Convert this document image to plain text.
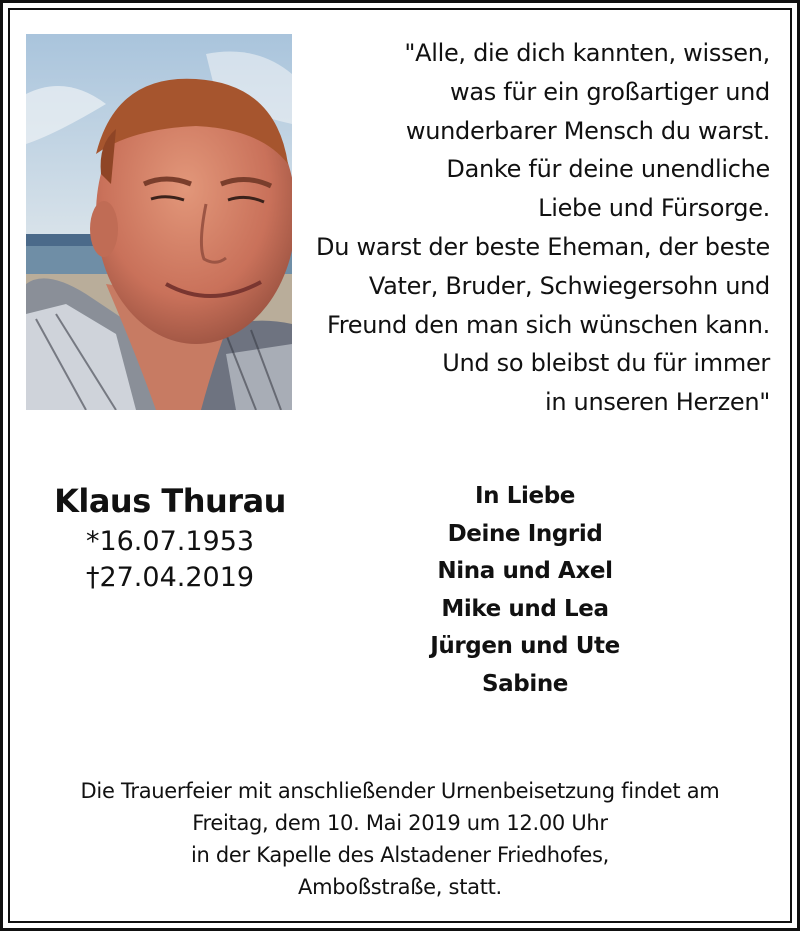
"Alle, die dich kannten, wissen,
was für ein großartiger und
wunderbarer Mensch du warst.
Danke für deine unendliche
Liebe und Fürsorge.
Du warst der beste Eheman, der beste
Vater, Bruder, Schwiegersohn und
Freund den man sich wünschen kann.
Und so bleibst du für immer
in unseren Herzen"
Klaus Thurau
*16.07.1953
†27.04.2019
In Liebe
Deine Ingrid
Nina und Axel
Mike und Lea
Jürgen und Ute
Sabine
Die Trauerfeier mit anschließender Urnenbeisetzung findet am
Freitag, dem 10. Mai 2019 um 12.00 Uhr
in der Kapelle des Alstadener Friedhofes,
Amboßstraße, statt.
